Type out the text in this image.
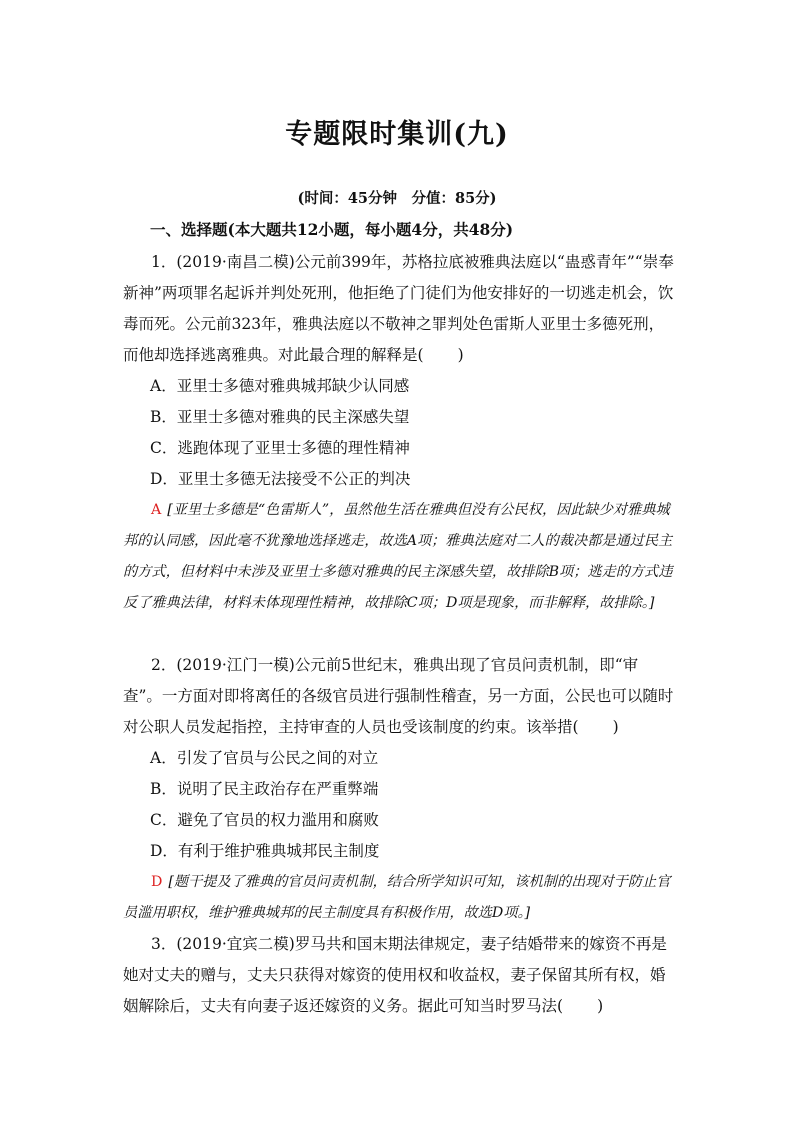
专题限时集训(九)
(时间：45分钟　分值：85分)
一、选择题(本大题共12小题，每小题4分，共48分)
1．(2019·南昌二模)公元前399年，苏格拉底被雅典法庭以“蛊惑青年”“崇奉新神”两项罪名起诉并判处死刑，他拒绝了门徒们为他安排好的一切逃走机会，饮毒而死。公元前323年，雅典法庭以不敬神之罪判处色雷斯人亚里士多德死刑，而他却选择逃离雅典。对此最合理的解释是( )
A．亚里士多德对雅典城邦缺少认同感
B．亚里士多德对雅典的民主深感失望
C．逃跑体现了亚里士多德的理性精神
D．亚里士多德无法接受不公正的判决
A [亚里士多德是“色雷斯人”，虽然他生活在雅典但没有公民权，因此缺少对雅典城邦的认同感，因此毫不犹豫地选择逃走，故选A项；雅典法庭对二人的裁决都是通过民主的方式，但材料中未涉及亚里士多德对雅典的民主深感失望，故排除B项；逃走的方式违反了雅典法律，材料未体现理性精神，故排除C项；D项是现象，而非解释，故排除。]
2．(2019·江门一模)公元前5世纪末，雅典出现了官员问责机制，即“审查”。一方面对即将离任的各级官员进行强制性稽查，另一方面，公民也可以随时对公职人员发起指控，主持审查的人员也受该制度的约束。该举措( )
A．引发了官员与公民之间的对立
B．说明了民主政治存在严重弊端
C．避免了官员的权力滥用和腐败
D．有利于维护雅典城邦民主制度
D [题干提及了雅典的官员问责机制，结合所学知识可知，该机制的出现对于防止官员滥用职权，维护雅典城邦的民主制度具有积极作用，故选D项。]
3．(2019·宜宾二模)罗马共和国末期法律规定，妻子结婚带来的嫁资不再是她对丈夫的赠与，丈夫只获得对嫁资的使用权和收益权，妻子保留其所有权，婚姻解除后，丈夫有向妻子返还嫁资的义务。据此可知当时罗马法( )
